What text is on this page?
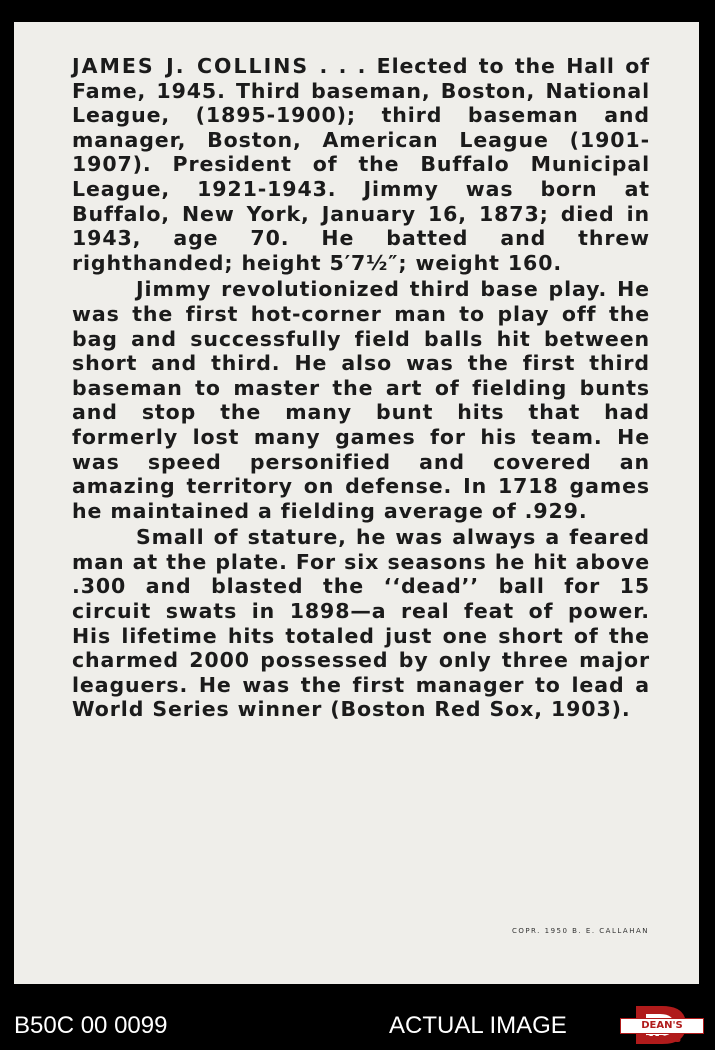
JAMES J. COLLINS . . . Elected to the Hall of Fame, 1945. Third baseman, Boston, National League, (1895-1900); third baseman and manager, Boston, American League (1901-1907). President of the Buffalo Municipal League, 1921-1943. Jimmy was born at Buffalo, New York, January 16, 1873; died in 1943, age 70. He batted and threw righthanded; height 5′7½″; weight 160.

Jimmy revolutionized third base play. He was the first hot-corner man to play off the bag and successfully field balls hit between short and third. He also was the first third baseman to master the art of fielding bunts and stop the many bunt hits that had formerly lost many games for his team. He was speed personified and covered an amazing territory on defense. In 1718 games he maintained a fielding average of .929.

Small of stature, he was always a feared man at the plate. For six seasons he hit above .300 and blasted the ‘‘dead’’ ball for 15 circuit swats in 1898—a real feat of power. His lifetime hits totaled just one short of the charmed 2000 possessed by only three major leaguers. He was the first manager to lead a World Series winner (Boston Red Sox, 1903).

COPR. 1950 B. E. CALLAHAN
B50C 00 0099	ACTUAL IMAGE	DEAN'S CARDS
